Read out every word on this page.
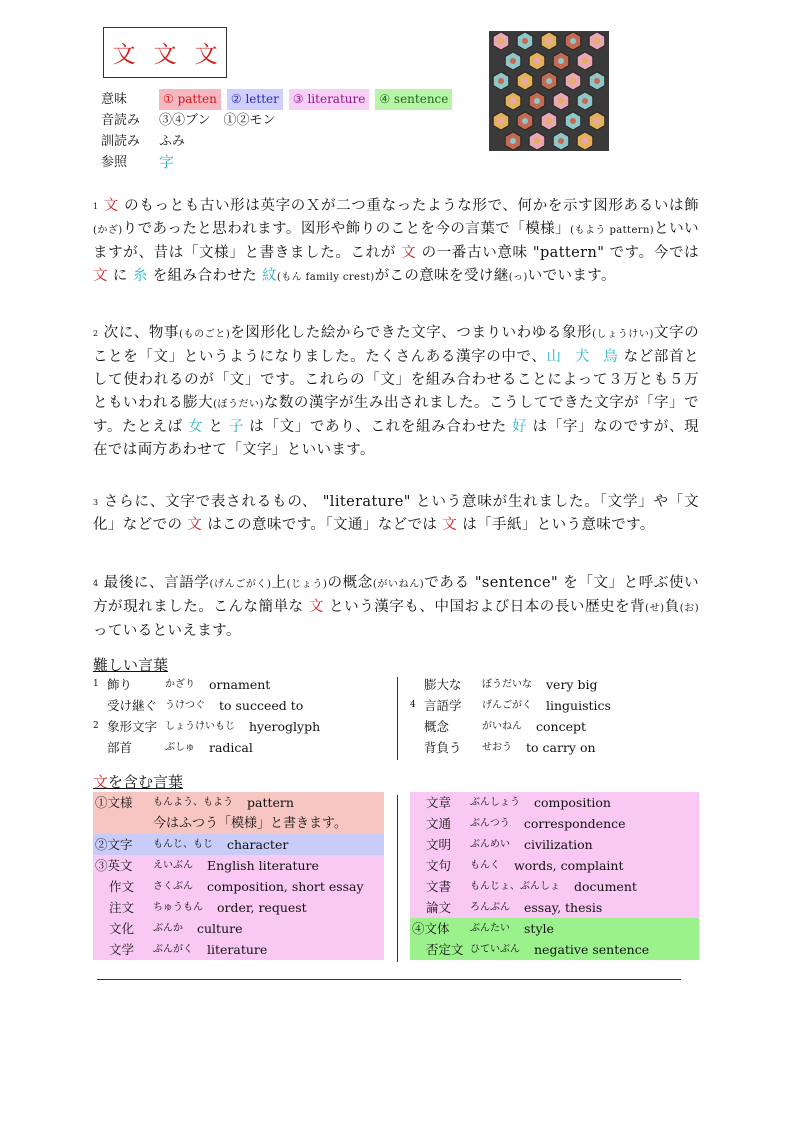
文 文 文
意味	① patten	② letter	③ literature	④ sentence
音読み	③④ブン　①②モン
訓読み	ふみ
参照	字
$^1$ 文 のもっとも古い形は英字のＸが二つ重なったような形で、何かを示す図形あるいは飾(かざ)りであったと思われます。図形や飾りのことを今の言葉で「模様」(もよう pattern)といいますが、昔は「文様」と書きました。これが 文 の一番古い意味 "pattern" です。今では 文 に 糸 を組み合わせた 紋(もん family crest)がこの意味を受け継(っ)いでいます。
$^2$ 次に、物事(ものごと)を図形化した絵からできた文字、つまりいわゆる象形(しょうけい)文字のことを「文」というようになりました。たくさんある漢字の中で、山 犬 鳥 など部首として使われるのが「文」です。これらの「文」を組み合わせることによって３万とも５万ともいわれる膨大(ぼうだい)な数の漢字が生み出されました。こうしてできた文字が「字」です。たとえば 女 と 子 は「文」であり、これを組み合わせた 好 は「字」なのですが、現在では両方あわせて「文字」といいます。
$^3$ さらに、文字で表されるもの、 "literature" という意味が生れました。「文学」や「文化」などでの 文 はこの意味です。「文通」などでは 文 は「手紙」という意味です。
$^4$ 最後に、言語学(げんごがく)上(じょう)の概念(がいねん)である "sentence" を「文」と呼ぶ使い方が現れました。こんな簡単な 文 という漢字も、中国および日本の長い歴史を背(せ)負(お)っているといえます。
難しい言葉
1 飾り	かざり ornament
受け継ぐ うけつぐ to succeed to
2 象形文字 しょうけいもじ hyeroglyph
部首	ぶしゅ radical
膨大な	ぼうだいな very big
4 言語学	げんごがく linguistics
概念	がいねん concept
背負う	せおう to carry on
文を含む言葉
①文様	もんよう、もよう pattern
今はふつう「模様」と書きます。
②文字	もんじ、もじ character
③英文	えいぶん English literature
作文	さくぶん composition, short essay
注文	ちゅうもん order, request
文化	ぶんか culture
文学	ぶんがく literature
文章	ぶんしょう composition
文通	ぶんつう correspondence
文明	ぶんめい civilization
文句	もんく words, complaint
文書	もんじょ、ぶんしょ document
論文	ろんぶん essay, thesis
④文体	ぶんたい style
否定文 ひていぶん negative sentence
